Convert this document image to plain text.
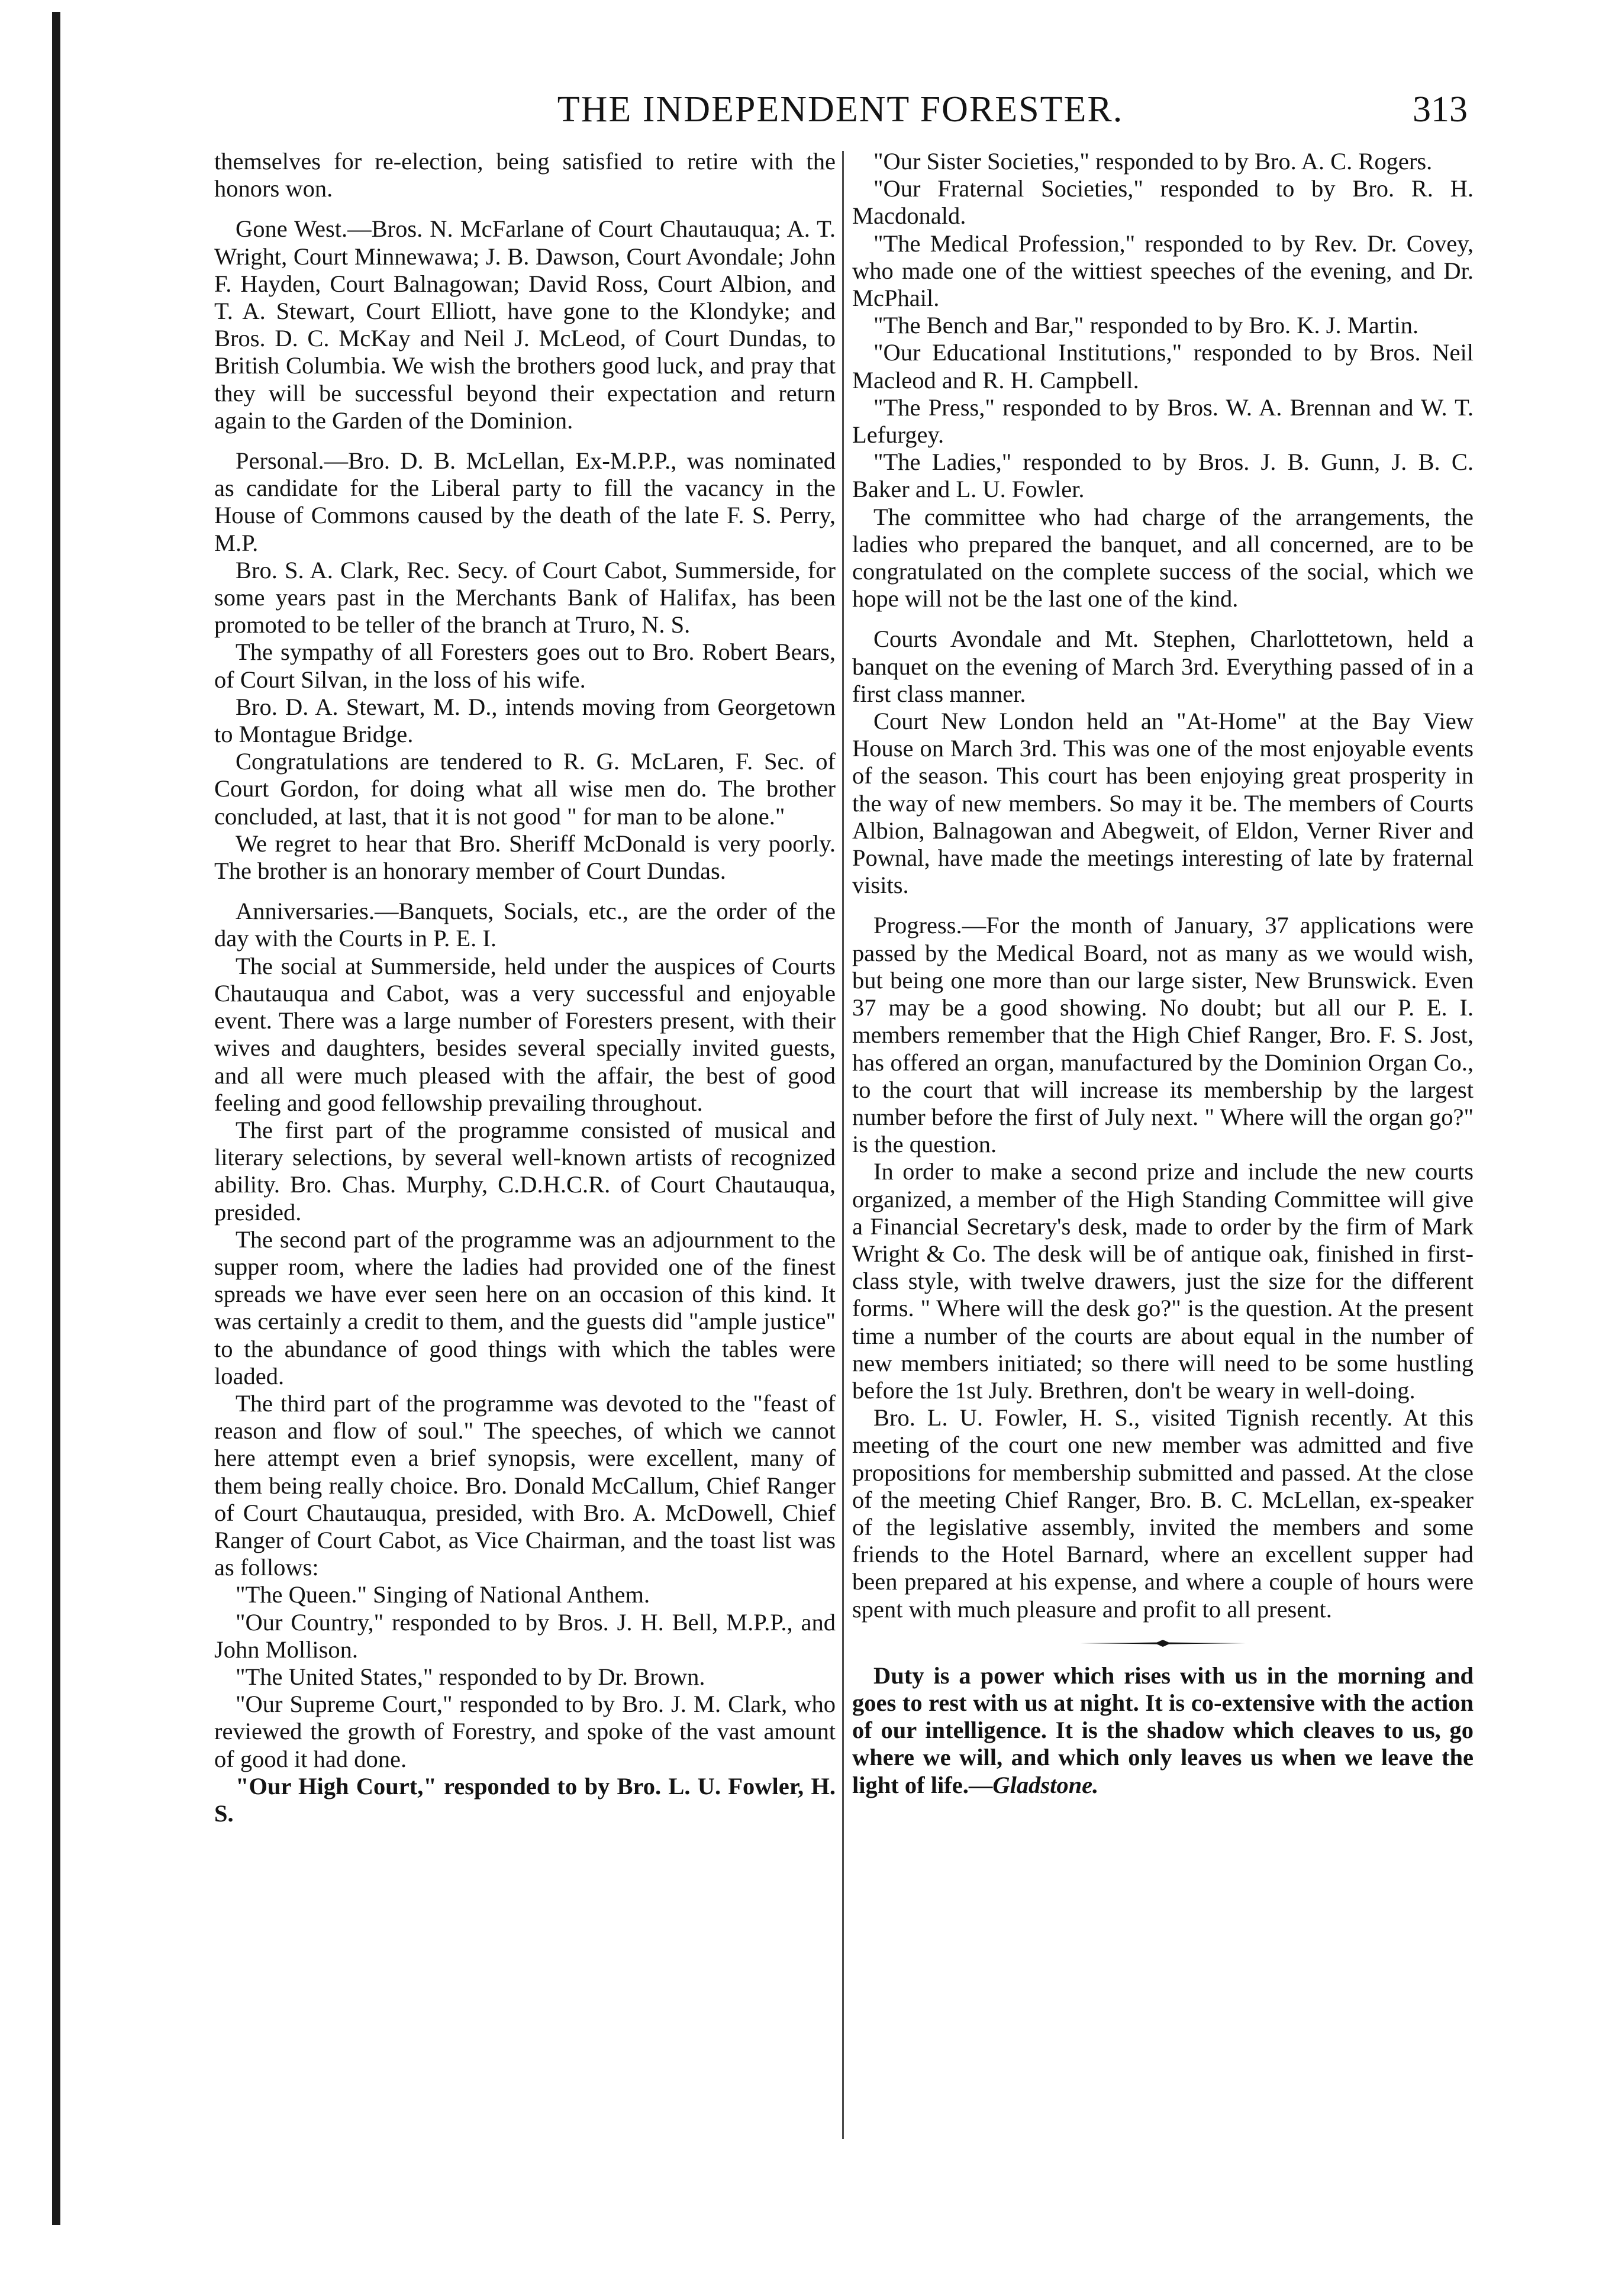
THE INDEPENDENT FORESTER.	313

themselves for re-election, being satisfied to retire with the honors won.

Gone West.—Bros. N. McFarlane of Court Chautauqua; A. T. Wright, Court Minnewawa; J. B. Dawson, Court Avondale; John F. Hayden, Court Balnagowan; David Ross, Court Albion, and T. A. Stewart, Court Elliott, have gone to the Klondyke; and Bros. D. C. McKay and Neil J. McLeod, of Court Dundas, to British Columbia. We wish the brothers good luck, and pray that they will be successful beyond their expectation and return again to the Garden of the Dominion.

Personal.—Bro. D. B. McLellan, Ex-M.P.P., was nominated as candidate for the Liberal party to fill the vacancy in the House of Commons caused by the death of the late F. S. Perry, M.P.

Bro. S. A. Clark, Rec. Secy. of Court Cabot, Summerside, for some years past in the Merchants Bank of Halifax, has been promoted to be teller of the branch at Truro, N. S.

The sympathy of all Foresters goes out to Bro. Robert Bears, of Court Silvan, in the loss of his wife.

Bro. D. A. Stewart, M. D., intends moving from Georgetown to Montague Bridge.

Congratulations are tendered to R. G. McLaren, F. Sec. of Court Gordon, for doing what all wise men do. The brother concluded, at last, that it is not good " for man to be alone."

We regret to hear that Bro. Sheriff McDonald is very poorly. The brother is an honorary member of Court Dundas.

Anniversaries.—Banquets, Socials, etc., are the order of the day with the Courts in P. E. I.

The social at Summerside, held under the auspices of Courts Chautauqua and Cabot, was a very successful and enjoyable event. There was a large number of Foresters present, with their wives and daughters, besides several specially invited guests, and all were much pleased with the affair, the best of good feeling and good fellowship prevailing throughout.

The first part of the programme consisted of musical and literary selections, by several well-known artists of recognized ability. Bro. Chas. Murphy, C.D.H.C.R. of Court Chautauqua, presided.

The second part of the programme was an adjournment to the supper room, where the ladies had provided one of the finest spreads we have ever seen here on an occasion of this kind. It was certainly a credit to them, and the guests did "ample justice" to the abundance of good things with which the tables were loaded.

The third part of the programme was devoted to the "feast of reason and flow of soul." The speeches, of which we cannot here attempt even a brief synopsis, were excellent, many of them being really choice. Bro. Donald McCallum, Chief Ranger of Court Chautauqua, presided, with Bro. A. McDowell, Chief Ranger of Court Cabot, as Vice Chairman, and the toast list was as follows:

"The Queen." Singing of National Anthem.

"Our Country," responded to by Bros. J. H. Bell, M.P.P., and John Mollison.

"The United States," responded to by Dr. Brown.

"Our Supreme Court," responded to by Bro. J. M. Clark, who reviewed the growth of Forestry, and spoke of the vast amount of good it had done.

"Our High Court," responded to by Bro. L. U. Fowler, H. S.

"Our Sister Societies," responded to by Bro. A. C. Rogers.

"Our Fraternal Societies," responded to by Bro. R. H. Macdonald.

"The Medical Profession," responded to by Rev. Dr. Covey, who made one of the wittiest speeches of the evening, and Dr. McPhail.

"The Bench and Bar," responded to by Bro. K. J. Martin.

"Our Educational Institutions," responded to by Bros. Neil Macleod and R. H. Campbell.

"The Press," responded to by Bros. W. A. Brennan and W. T. Lefurgey.

"The Ladies," responded to by Bros. J. B. Gunn, J. B. C. Baker and L. U. Fowler.

The committee who had charge of the arrangements, the ladies who prepared the banquet, and all concerned, are to be congratulated on the complete success of the social, which we hope will not be the last one of the kind.

Courts Avondale and Mt. Stephen, Charlottetown, held a banquet on the evening of March 3rd. Everything passed of in a first class manner.

Court New London held an "At-Home" at the Bay View House on March 3rd. This was one of the most enjoyable events of the season. This court has been enjoying great prosperity in the way of new members. So may it be. The members of Courts Albion, Balnagowan and Abegweit, of Eldon, Verner River and Pownal, have made the meetings interesting of late by fraternal visits.

Progress.—For the month of January, 37 applications were passed by the Medical Board, not as many as we would wish, but being one more than our large sister, New Brunswick. Even 37 may be a good showing. No doubt; but all our P. E. I. members remember that the High Chief Ranger, Bro. F. S. Jost, has offered an organ, manufactured by the Dominion Organ Co., to the court that will increase its membership by the largest number before the first of July next. " Where will the organ go?" is the question.

In order to make a second prize and include the new courts organized, a member of the High Standing Committee will give a Financial Secretary's desk, made to order by the firm of Mark Wright & Co. The desk will be of antique oak, finished in first-class style, with twelve drawers, just the size for the different forms. " Where will the desk go?" is the question. At the present time a number of the courts are about equal in the number of new members initiated; so there will need to be some hustling before the 1st July. Brethren, don't be weary in well-doing.

Bro. L. U. Fowler, H. S., visited Tignish recently. At this meeting of the court one new member was admitted and five propositions for membership submitted and passed. At the close of the meeting Chief Ranger, Bro. B. C. McLellan, ex-speaker of the legislative assembly, invited the members and some friends to the Hotel Barnard, where an excellent supper had been prepared at his expense, and where a couple of hours were spent with much pleasure and profit to all present.

Duty is a power which rises with us in the morning and goes to rest with us at night. It is co-extensive with the action of our intelligence. It is the shadow which cleaves to us, go where we will, and which only leaves us when we leave the light of life.—Gladstone.
